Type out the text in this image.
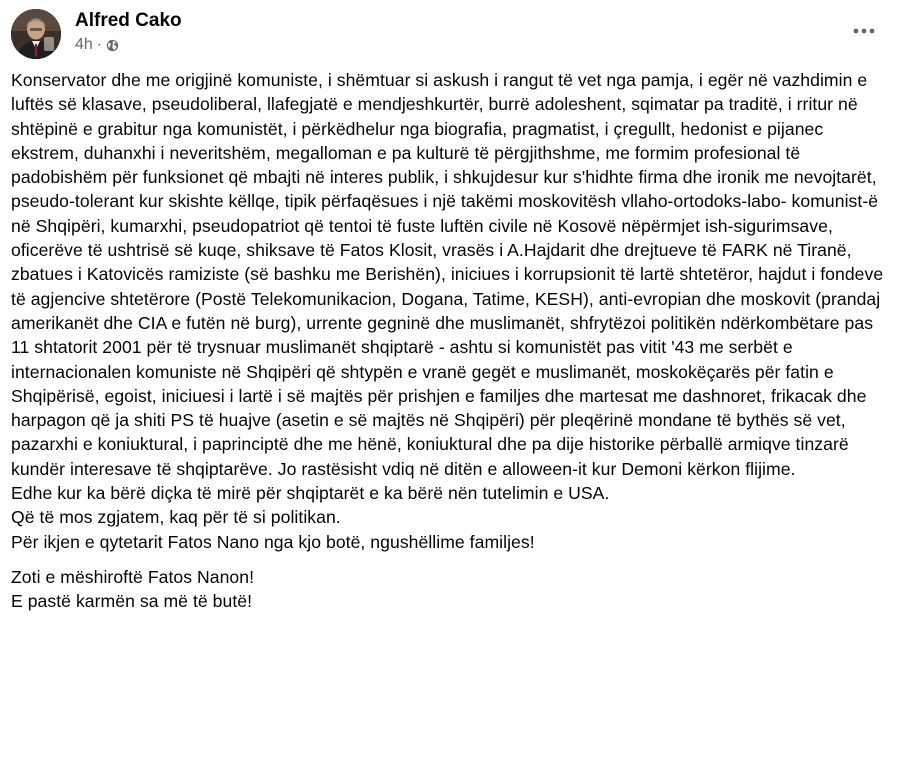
Alfred Cako
4h ·

Konservator dhe me origjinë komuniste, i shëmtuar si askush i rangut të vet nga pamja, i egër në vazhdimin e luftës së klasave, pseudoliberal, llafegjatë e mendjeshkurtër, burrë adoleshent, sqimatar pa traditë, i rritur në shtëpinë e grabitur nga komunistët, i përkëdhelur nga biografia, pragmatist, i çregullt, hedonist e pijanec ekstrem, duhanxhi i neveritshëm, megalloman e pa kulturë të përgjithshme, me formim profesional të padobishëm për funksionet që mbajti në interes publik, i shkujdesur kur s'hidhte firma dhe ironik me nevojtarët, pseudo-tolerant kur skishte këllqe, tipik përfaqësues i një takëmi moskovitësh vllaho-ortodoks-labo- komunist-ë në Shqipëri, kumarxhi, pseudopatriot që tentoi të fuste luftën civile në Kosovë nëpërmjet ish-sigurimsave, oficerëve të ushtrisë së kuqe, shiksave të Fatos Klosit, vrasës i A.Hajdarit dhe drejtueve të FARK në Tiranë, zbatues i Katovicës ramiziste (së bashku me Berishën), iniciues i korrupsionit të lartë shtetëror, hajdut i fondeve të agjencive shtetërore (Postë Telekomunikacion, Dogana, Tatime, KESH), anti-evropian dhe moskovit (prandaj amerikanët dhe CIA e futën në burg), urrente gegninë dhe muslimanët, shfrytëzoi politikën ndërkombëtare pas 11 shtatorit 2001 për të trysnuar muslimanët shqiptarë - ashtu si komunistët pas vitit '43 me serbët e internacionalen komuniste në Shqipëri që shtypën e vranë gegët e muslimanët, moskokëçarës për fatin e Shqipërisë, egoist, iniciuesi i lartë i së majtës për prishjen e familjes dhe martesat me dashnoret, frikacak dhe harpagon që ja shiti PS të huajve (asetin e së majtës në Shqipëri) për pleqërinë mondane të bythës së vet, pazarxhi e koniuktural, i paprinciptë dhe me hënë, koniuktural dhe pa dije historike përballë armiqve tinzarë kundër interesave të shqiptarëve. Jo rastësisht vdiq në ditën e alloween-it kur Demoni kërkon flijime.

Edhe kur ka bërë diçka të mirë për shqiptarët e ka bërë nën tutelimin e USA.

Që të mos zgjatem, kaq për të si politikan.

Për ikjen e qytetarit Fatos Nano nga kjo botë, ngushëllime familjes!

Zoti e mëshiroftë Fatos Nanon!

E pastë karmën sa më të butë!
